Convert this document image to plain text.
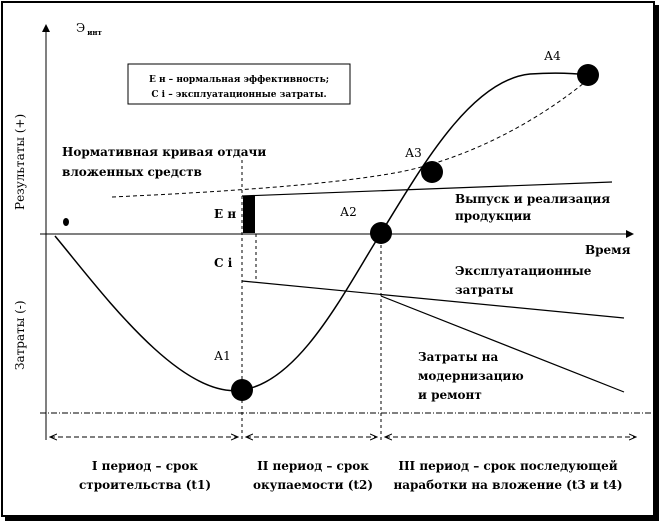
Э $_{инт}$
Результаты (+)
Затраты (-)
Время
Е н – нормальная эффективность;
С i – эксплуатационные затраты.
Нормативная кривая отдачи
вложенных средств
Е н
С i
А1
А2
А3
А4
Выпуск и реализация
продукции
Эксплуатационные
затраты
Затраты на
модернизацию
и ремонт
I период – срок
строительства (t1)
II период – срок
окупаемости (t2)
III период – срок последующей
наработки на вложение (t3 и t4)
